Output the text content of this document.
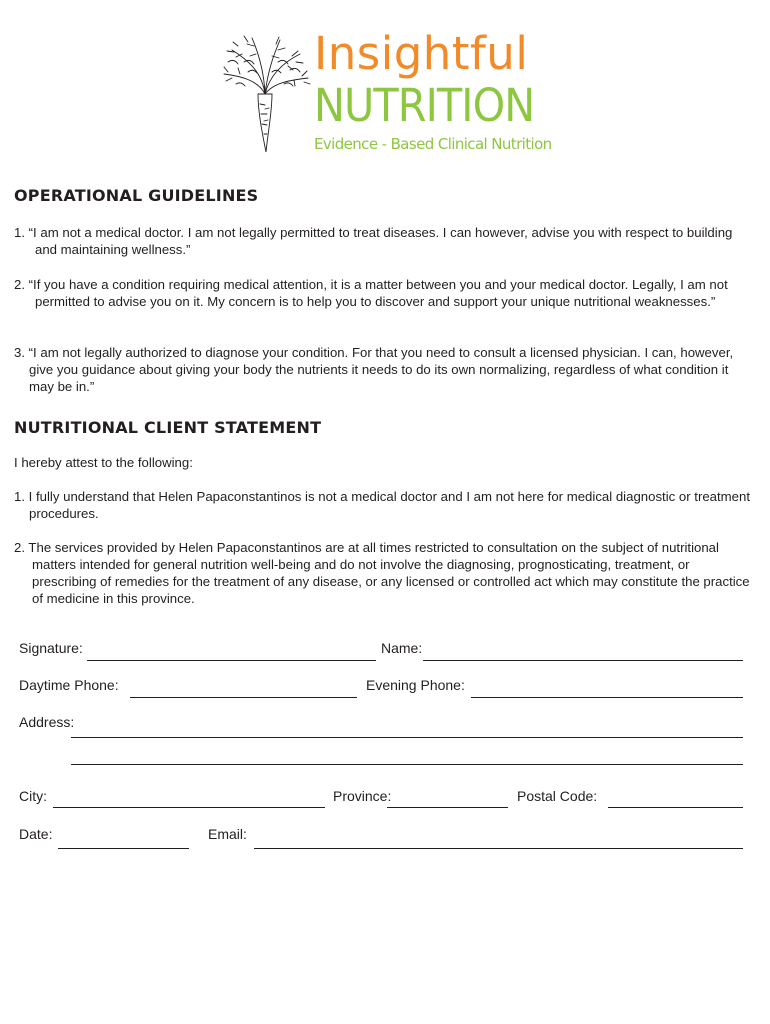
Insightful
NUTRITION
Evidence - Based Clinical Nutrition
OPERATIONAL GUIDELINES

1. “I am not a medical doctor. I am not legally permitted to treat diseases. I can however, advise you with respect to building and maintaining wellness.”

2. “If you have a condition requiring medical attention, it is a matter between you and your medical doctor. Legally, I am not permitted to advise you on it. My concern is to help you to discover and support your unique nutritional weaknesses.”

3. “I am not legally authorized to diagnose your condition. For that you need to consult a licensed physician. I can, however, give you guidance about giving your body the nutrients it needs to do its own normalizing, regardless of what condition it may be in.”

NUTRITIONAL CLIENT STATEMENT

I hereby attest to the following:

1. I fully understand that Helen Papaconstantinos is not a medical doctor and I am not here for medical diagnostic or treatment procedures.

2. The services provided by Helen Papaconstantinos are at all times restricted to consultation on the subject of nutritional matters intended for general nutrition well-being and do not involve the diagnosing, prognosticating, treatment, or prescribing of remedies for the treatment of any disease, or any licensed or controlled act which may constitute the practice of medicine in this province.

Signature:	Name:
Daytime Phone:	Evening Phone:
Address:
City:	Province:	Postal Code:
Date:	Email:
